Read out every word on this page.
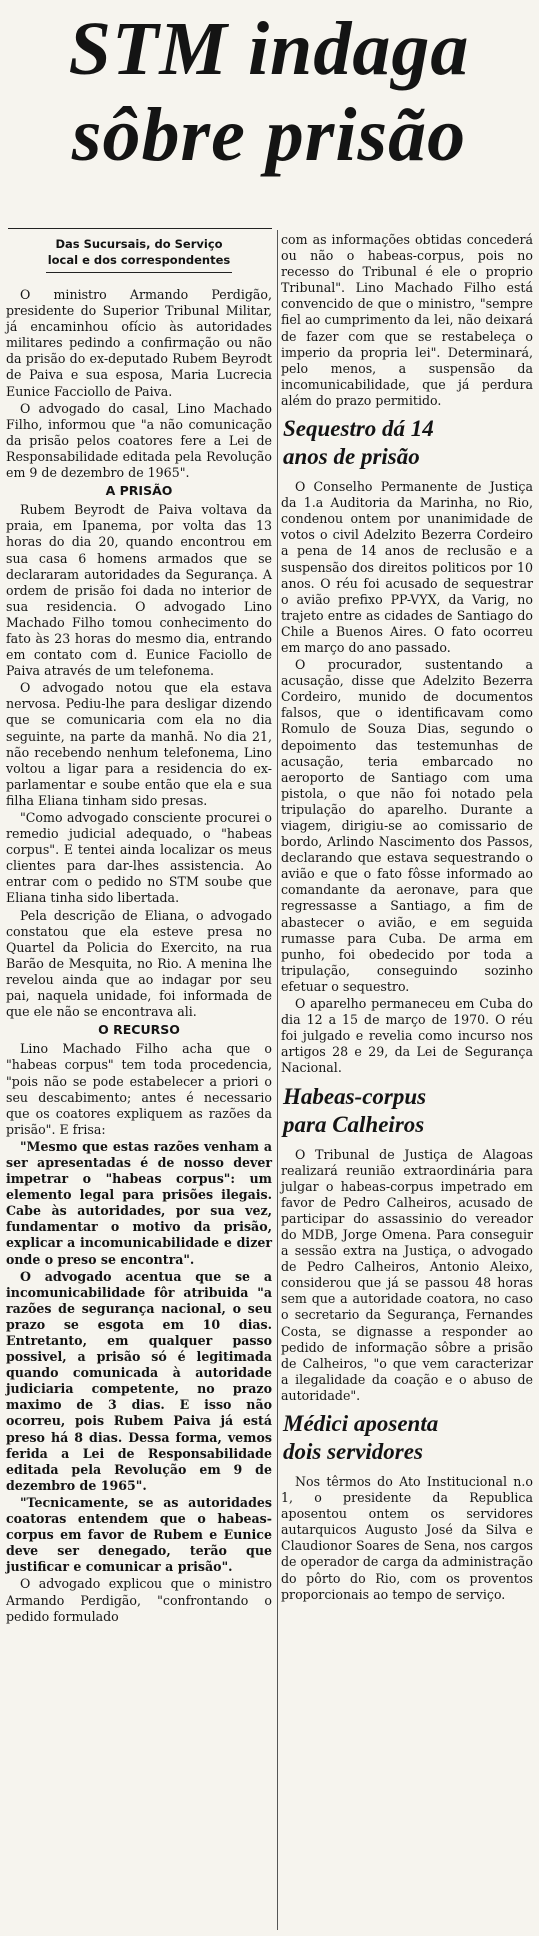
STM indaga
sôbre prisão
Das Sucursais, do Serviço
local e dos correspondentes

O ministro Armando Perdigão, presidente do Superior Tribunal Militar, já encaminhou ofício às autoridades militares pedindo a confirmação ou não da prisão do ex-deputado Rubem Beyrodt de Paiva e sua esposa, Maria Lucrecia Eunice Facciollo de Paiva.

O advogado do casal, Lino Machado Filho, informou que "a não comunicação da prisão pelos coatores fere a Lei de Responsabilidade editada pela Revolução em 9 de dezembro de 1965".

A PRISÃO

Rubem Beyrodt de Paiva voltava da praia, em Ipanema, por volta das 13 horas do dia 20, quando encontrou em sua casa 6 homens armados que se declararam autoridades da Segurança. A ordem de prisão foi dada no interior de sua residencia. O advogado Lino Machado Filho tomou conhecimento do fato às 23 horas do mesmo dia, entrando em contato com d. Eunice Faciollo de Paiva através de um telefonema.

O advogado notou que ela estava nervosa. Pediu-lhe para desligar dizendo que se comunicaria com ela no dia seguinte, na parte da manhã. No dia 21, não recebendo nenhum telefonema, Lino voltou a ligar para a residencia do ex-parlamentar e soube então que ela e sua filha Eliana tinham sido presas.

"Como advogado consciente procurei o remedio judicial adequado, o "habeas corpus". E tentei ainda localizar os meus clientes para dar-lhes assistencia. Ao entrar com o pedido no STM soube que Eliana tinha sido libertada.

Pela descrição de Eliana, o advogado constatou que ela esteve presa no Quartel da Policia do Exercito, na rua Barão de Mesquita, no Rio. A menina lhe revelou ainda que ao indagar por seu pai, naquela unidade, foi informada de que ele não se encontrava ali.

O RECURSO

Lino Machado Filho acha que o "habeas corpus" tem toda procedencia, "pois não se pode estabelecer a priori o seu descabimento; antes é necessario que os coatores expliquem as razões da prisão". E frisa:

"Mesmo que estas razões venham a ser apresentadas é de nosso dever impetrar o "habeas corpus": um elemento legal para prisões ilegais. Cabe às autoridades, por sua vez, fundamentar o motivo da prisão, explicar a incomunicabilidade e dizer onde o preso se encontra".

O advogado acentua que se a incomunicabilidade fôr atribuida "a razões de segurança nacional, o seu prazo se esgota em 10 dias. Entretanto, em qualquer passo possivel, a prisão só é legitimada quando comunicada à autoridade judiciaria competente, no prazo maximo de 3 dias. E isso não ocorreu, pois Rubem Paiva já está preso há 8 dias. Dessa forma, vemos ferida a Lei de Responsabilidade editada pela Revolução em 9 de dezembro de 1965".

"Tecnicamente, se as autoridades coatoras entendem que o habeas-corpus em favor de Rubem e Eunice deve ser denegado, terão que justificar e comunicar a prisão".

O advogado explicou que o ministro Armando Perdigão, "confrontando o pedido formulado

com as informações obtidas concederá ou não o habeas-corpus, pois no recesso do Tribunal é ele o proprio Tribunal". Lino Machado Filho está convencido de que o ministro, "sempre fiel ao cumprimento da lei, não deixará de fazer com que se restabeleça o imperio da propria lei". Determinará, pelo menos, a suspensão da incomunicabilidade, que já perdura além do prazo permitido.

Sequestro dá 14
anos de prisão

O Conselho Permanente de Justiça da 1.a Auditoria da Marinha, no Rio, condenou ontem por unanimidade de votos o civil Adelzito Bezerra Cordeiro a pena de 14 anos de reclusão e a suspensão dos direitos politicos por 10 anos. O réu foi acusado de sequestrar o avião prefixo PP-VYX, da Varig, no trajeto entre as cidades de Santiago do Chile a Buenos Aires. O fato ocorreu em março do ano passado.

O procurador, sustentando a acusação, disse que Adelzito Bezerra Cordeiro, munido de documentos falsos, que o identificavam como Romulo de Souza Dias, segundo o depoimento das testemunhas de acusação, teria embarcado no aeroporto de Santiago com uma pistola, o que não foi notado pela tripulação do aparelho. Durante a viagem, dirigiu-se ao comissario de bordo, Arlindo Nascimento dos Passos, declarando que estava sequestrando o avião e que o fato fôsse informado ao comandante da aeronave, para que regressasse a Santiago, a fim de abastecer o avião, e em seguida rumasse para Cuba. De arma em punho, foi obedecido por toda a tripulação, conseguindo sozinho efetuar o sequestro.

O aparelho permaneceu em Cuba do dia 12 a 15 de março de 1970. O réu foi julgado e revelia como incurso nos artigos 28 e 29, da Lei de Segurança Nacional.

Habeas-corpus
para Calheiros

O Tribunal de Justiça de Alagoas realizará reunião extraordinária para julgar o habeas-corpus impetrado em favor de Pedro Calheiros, acusado de participar do assassinio do vereador do MDB, Jorge Omena. Para conseguir a sessão extra na Justiça, o advogado de Pedro Calheiros, Antonio Aleixo, considerou que já se passou 48 horas sem que a autoridade coatora, no caso o secretario da Segurança, Fernandes Costa, se dignasse a responder ao pedido de informação sôbre a prisão de Calheiros, "o que vem caracterizar a ilegalidade da coação e o abuso de autoridade".

Médici aposenta
dois servidores

Nos têrmos do Ato Institucional n.o 1, o presidente da Republica aposentou ontem os servidores autarquicos Augusto José da Silva e Claudionor Soares de Sena, nos cargos de operador de carga da administração do pôrto do Rio, com os proventos proporcionais ao tempo de serviço.
